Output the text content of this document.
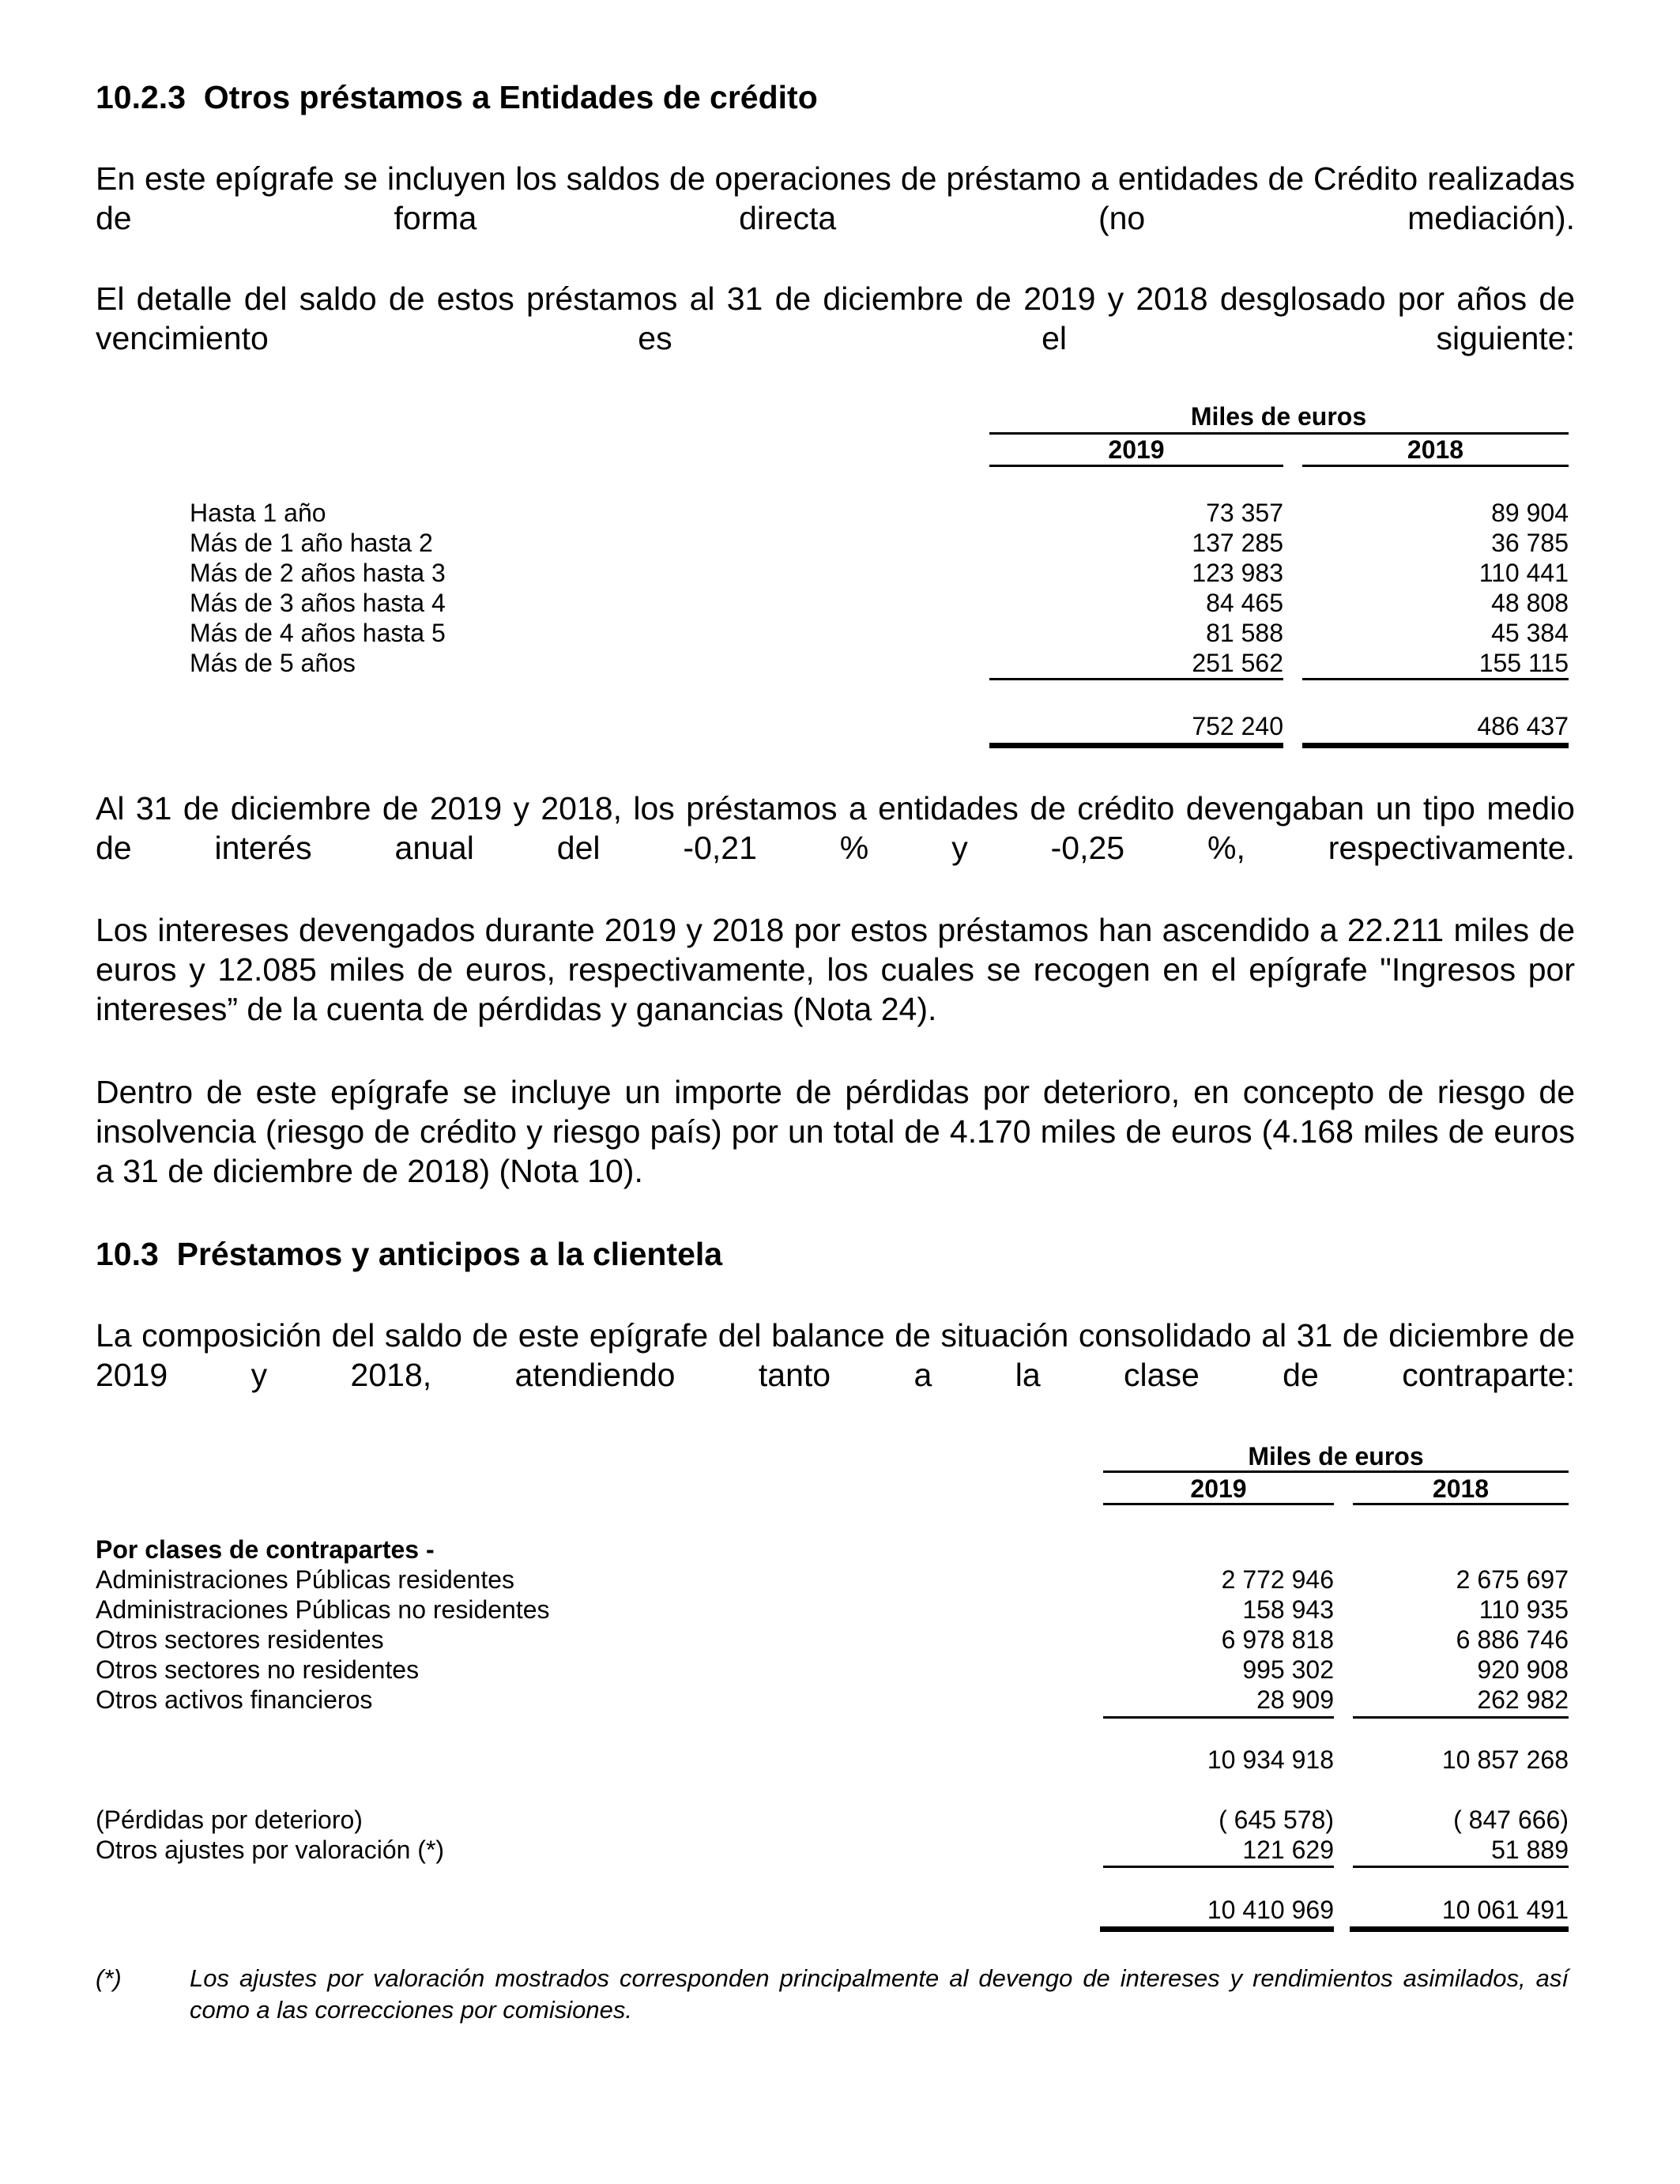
10.2.3 Otros préstamos a Entidades de crédito
En este epígrafe se incluyen los saldos de operaciones de préstamo a entidades de Crédito realizadas de forma directa (no mediación).
El detalle del saldo de estos préstamos al 31 de diciembre de 2019 y 2018 desglosado por años de vencimiento es el siguiente:
Miles de euros
2019	2018
Hasta 1 año	73 357	89 904
Más de 1 año hasta 2	137 285	36 785
Más de 2 años hasta 3	123 983	110 441
Más de 3 años hasta 4	84 465	48 808
Más de 4 años hasta 5	81 588	45 384
Más de 5 años	251 562	155 115
752 240	486 437
Al 31 de diciembre de 2019 y 2018, los préstamos a entidades de crédito devengaban un tipo medio de interés anual del -0,21 % y -0,25 %, respectivamente.
Los intereses devengados durante 2019 y 2018 por estos préstamos han ascendido a 22.211 miles de euros y 12.085 miles de euros, respectivamente, los cuales se recogen en el epígrafe "Ingresos por intereses” de la cuenta de pérdidas y ganancias (Nota 24).
Dentro de este epígrafe se incluye un importe de pérdidas por deterioro, en concepto de riesgo de insolvencia (riesgo de crédito y riesgo país) por un total de 4.170 miles de euros (4.168 miles de euros a 31 de diciembre de 2018) (Nota 10).
10.3 Préstamos y anticipos a la clientela
La composición del saldo de este epígrafe del balance de situación consolidado al 31 de diciembre de 2019 y 2018, atendiendo tanto a la clase de contraparte:
Miles de euros
2019	2018
Por clases de contrapartes -
Administraciones Públicas residentes	2 772 946	2 675 697
Administraciones Públicas no residentes	158 943	110 935
Otros sectores residentes	6 978 818	6 886 746
Otros sectores no residentes	995 302	920 908
Otros activos financieros	28 909	262 982
10 934 918	10 857 268
(Pérdidas por deterioro)	( 645 578)	( 847 666)
Otros ajustes por valoración (*)	121 629	51 889
10 410 969	10 061 491
(*)	Los ajustes por valoración mostrados corresponden principalmente al devengo de intereses y rendimientos asimilados, así como a las correcciones por comisiones.
